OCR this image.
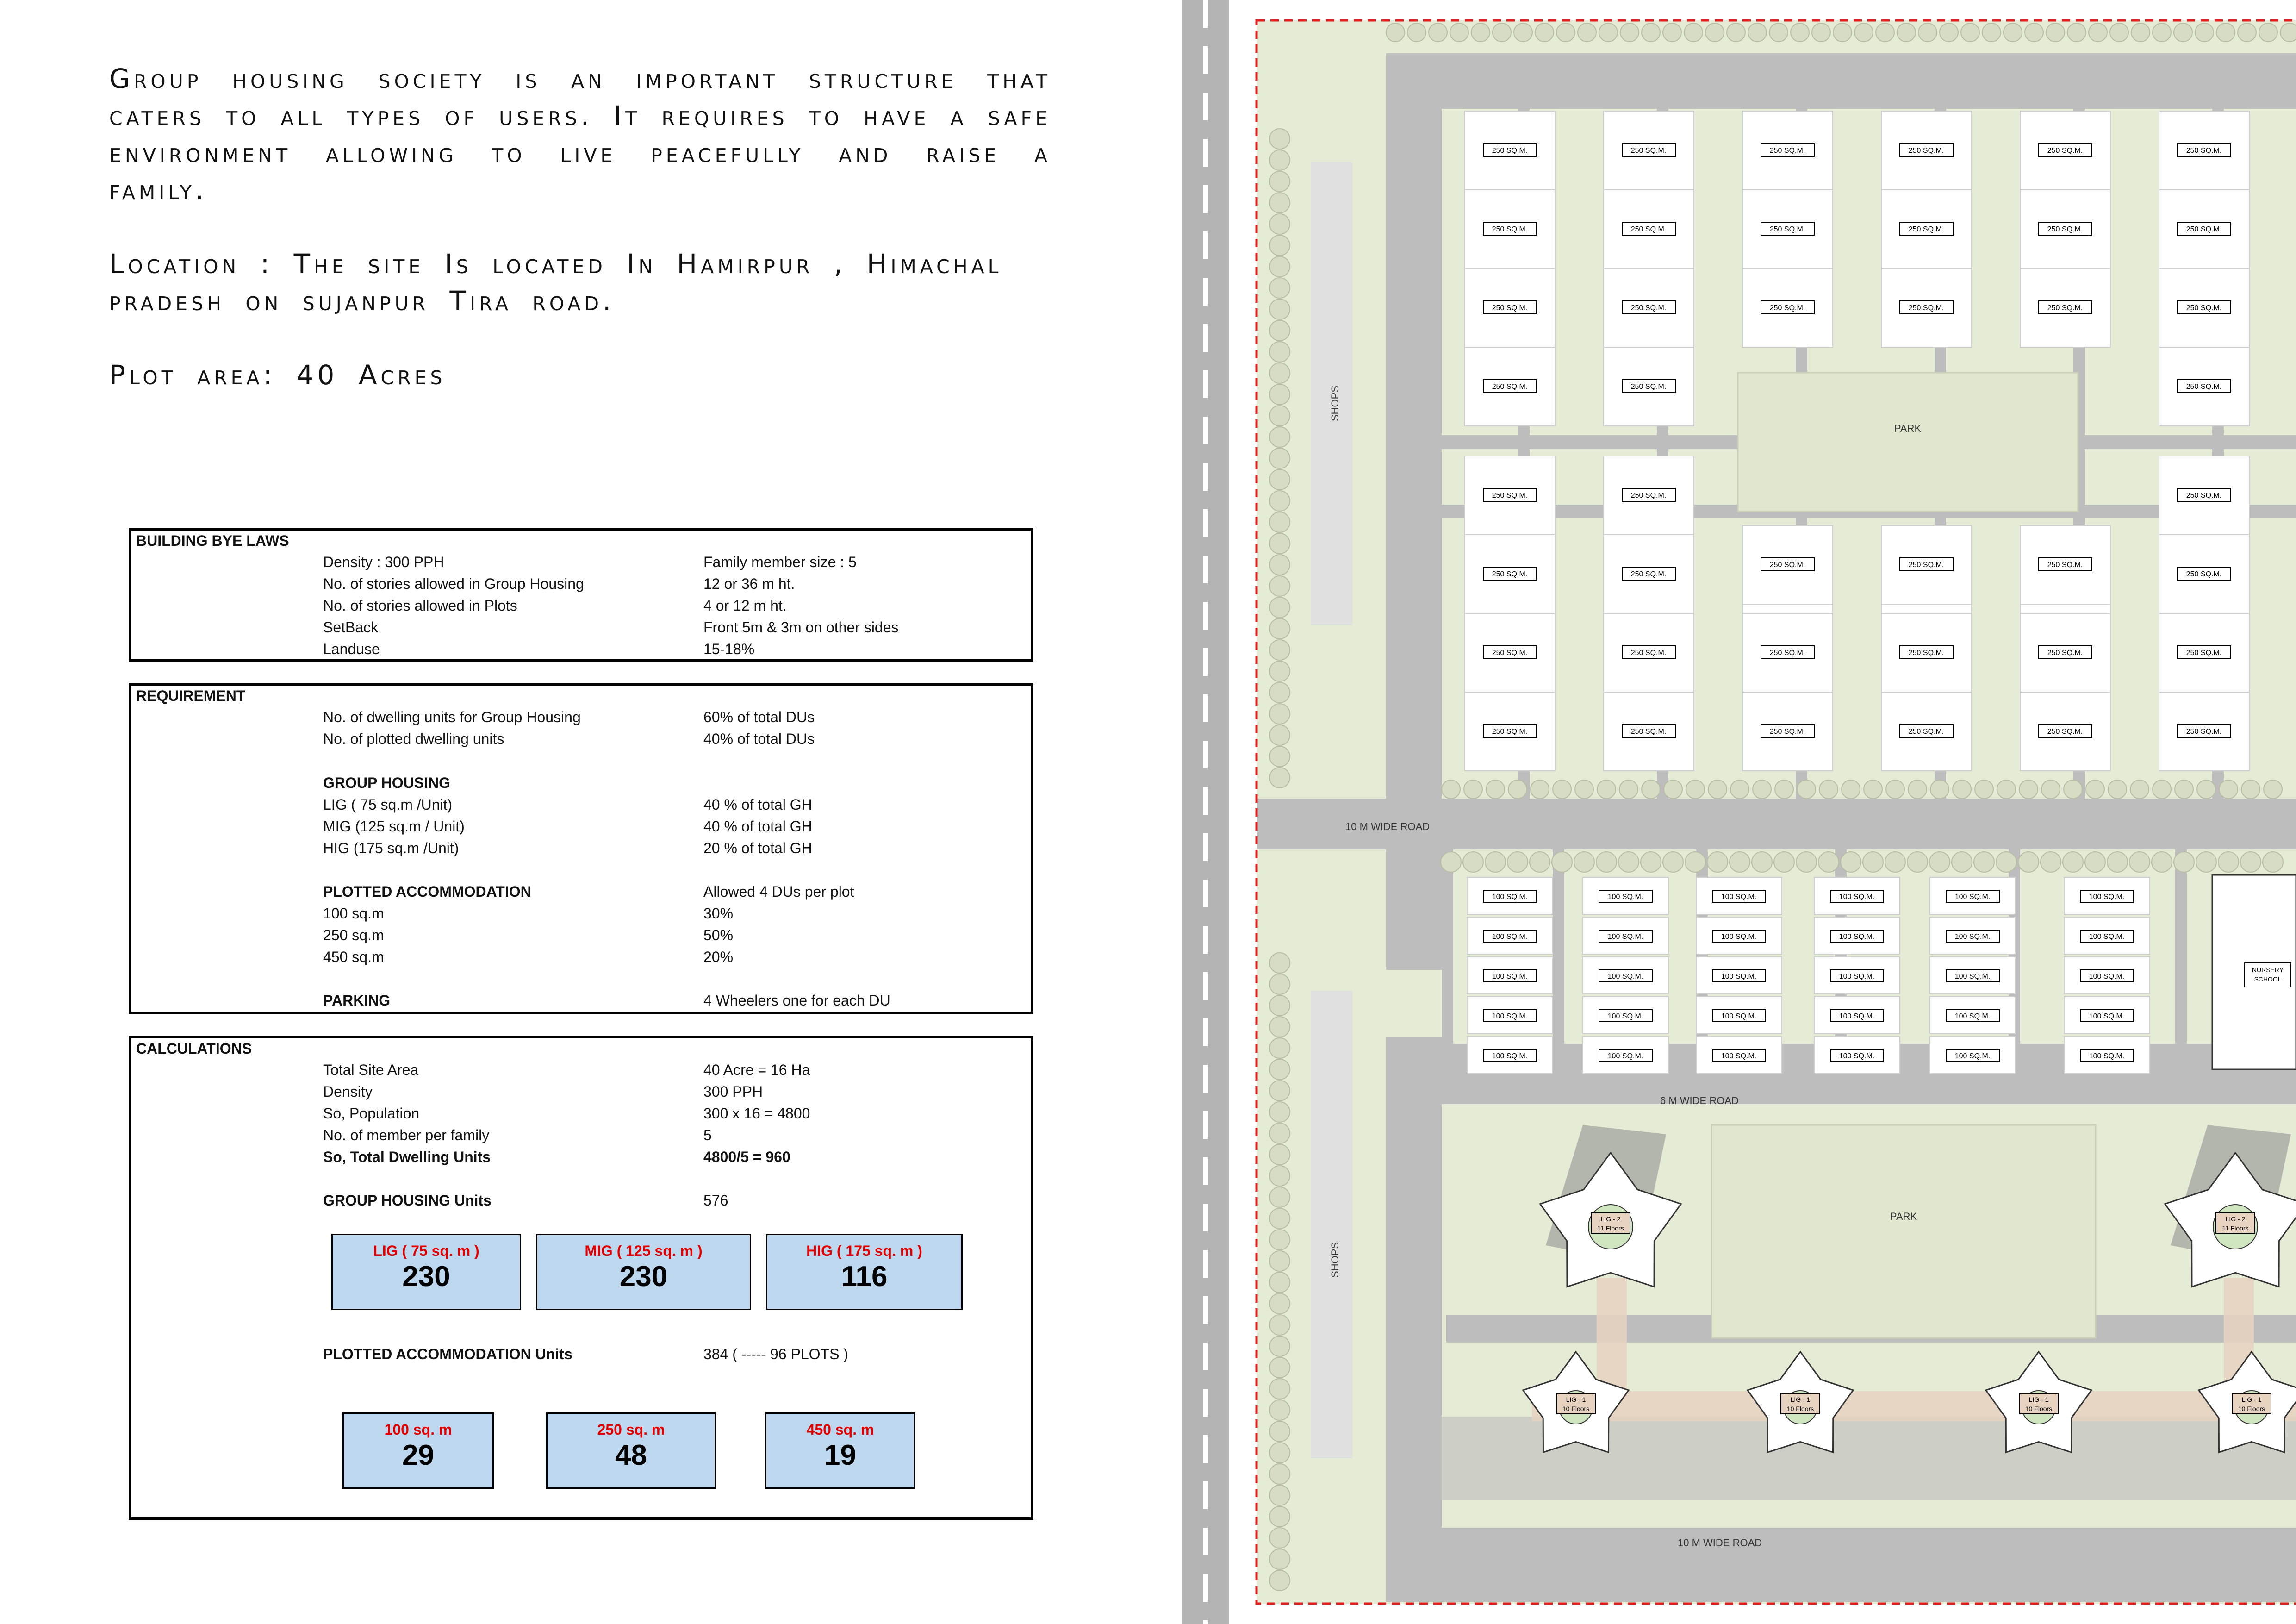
Group housing society is an important structure that caters to all types of users. It requires to have a safe environment allowing to live peacefully and raise a family.

Location : The site Is located In Hamirpur , Himachal
pradesh on sujanpur Tira road.

Plot area: 40 Acres

BUILDING BYE LAWS
Density : 300 PPH	Family member size : 5
No. of stories allowed in Group Housing	12 or 36 m ht.
No. of stories allowed in Plots	4 or 12 m ht.
SetBack	Front 5m & 3m on other sides
Landuse	15-18%
REQUIREMENT
No. of dwelling units for Group Housing	60% of total DUs
No. of plotted dwelling units	40% of total DUs
GROUP HOUSING
LIG ( 75 sq.m /Unit)	40 % of total GH
MIG (125 sq.m / Unit)	40 % of total GH
HIG (175 sq.m /Unit)	20 % of total GH
PLOTTED ACCOMMODATION	Allowed 4 DUs per plot
100 sq.m	30%
250 sq.m	50%
450 sq.m	20%
PARKING	4 Wheelers one for each DU
CALCULATIONS
Total Site Area	40 Acre = 16 Ha
Density	300 PPH
So, Population	300 x 16 = 4800
No. of member per family	5
So, Total Dwelling Units	4800/5 = 960
GROUP HOUSING Units	576
LIG ( 75 sq. m )
230
MIG ( 125 sq. m )
230
HIG ( 175 sq. m )
116
PLOTTED ACCOMMODATION Units	384 ( ----- 96 PLOTS )
100 sq. m
29
250 sq. m
48
450 sq. m
19
SHOPS
SHOPS
250 SQ.M.
250 SQ.M.
250 SQ.M.
250 SQ.M.
250 SQ.M.
250 SQ.M.
250 SQ.M.
250 SQ.M.
250 SQ.M.
250 SQ.M.
250 SQ.M.
250 SQ.M.
250 SQ.M.
250 SQ.M.
250 SQ.M.
250 SQ.M.
250 SQ.M.
250 SQ.M.
250 SQ.M.	250 SQ.M.	250 SQ.M.
250 SQ.M.	250 SQ.M.	250 SQ.M.
250 SQ.M.
250 SQ.M.
250 SQ.M.
250 SQ.M.
250 SQ.M.
250 SQ.M.
250 SQ.M.
250 SQ.M.
250 SQ.M.
250 SQ.M.
250 SQ.M.
250 SQ.M.
250 SQ.M.
250 SQ.M.
250 SQ.M.
250 SQ.M.	250 SQ.M.	250 SQ.M.
PARK
PARK
100 SQ.M.
100 SQ.M.
100 SQ.M.
100 SQ.M.
100 SQ.M.
100 SQ.M.
100 SQ.M.
100 SQ.M.
100 SQ.M.
100 SQ.M.
100 SQ.M.
100 SQ.M.
100 SQ.M.
100 SQ.M.
100 SQ.M.
100 SQ.M.
100 SQ.M.
100 SQ.M.
100 SQ.M.
100 SQ.M.
100 SQ.M.
100 SQ.M.
100 SQ.M.
100 SQ.M.
100 SQ.M.
100 SQ.M.
100 SQ.M.
100 SQ.M.
100 SQ.M.
100 SQ.M.
NURSERY
SCHOOL
LIG - 2
11 Floors
LIG - 2
11 Floors
LIG - 1
10 Floors
LIG - 1
10 Floors
LIG - 1
10 Floors
LIG - 1
10 Floors
10 M WIDE ROAD
6 M WIDE ROAD
10 M WIDE ROAD
